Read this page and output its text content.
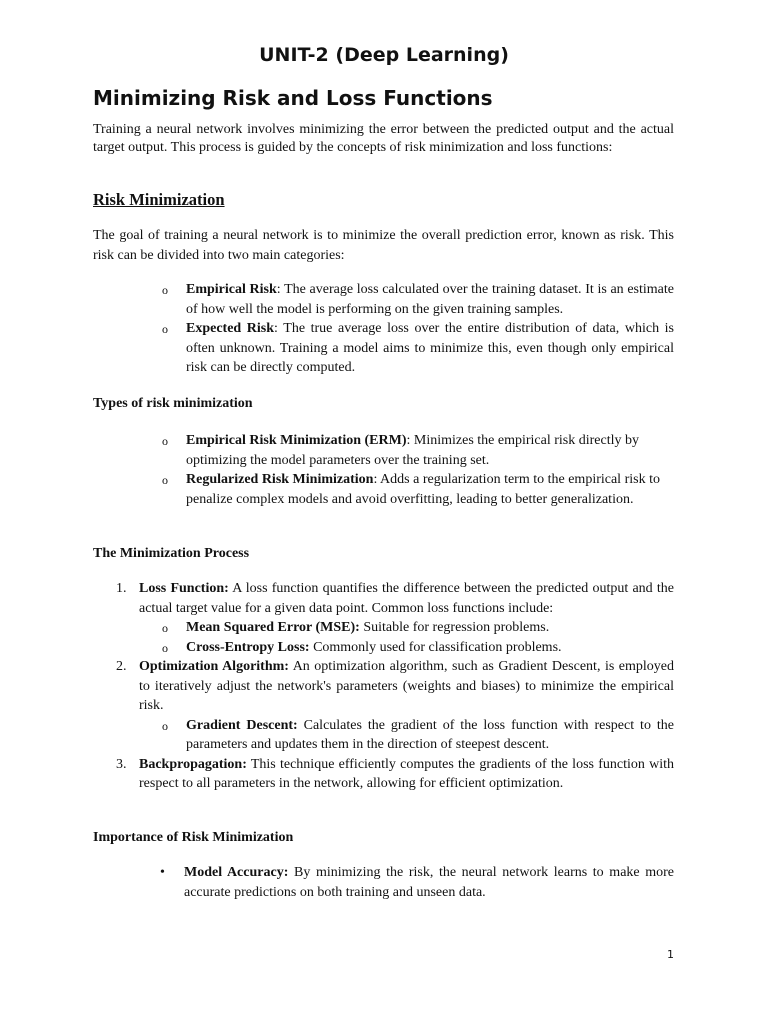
UNIT-2 (Deep Learning)
Minimizing Risk and Loss Functions

Training a neural network involves minimizing the error between the predicted output and the actual target output. This process is guided by the concepts of risk minimization and loss functions:

Risk Minimization

The goal of training a neural network is to minimize the overall prediction error, known as risk. This risk can be divided into two main categories:

o Empirical Risk: The average loss calculated over the training dataset. It is an estimate of how well the model is performing on the given training samples.
o Expected Risk: The true average loss over the entire distribution of data, which is often unknown. Training a model aims to minimize this, even though only empirical risk can be directly computed.
Types of risk minimization
o Empirical Risk Minimization (ERM): Minimizes the empirical risk directly by optimizing the model parameters over the training set.
o Regularized Risk Minimization: Adds a regularization term to the empirical risk to penalize complex models and avoid overfitting, leading to better generalization.
The Minimization Process
1. Loss Function: A loss function quantifies the difference between the predicted output and the actual target value for a given data point. Common loss functions include:
o Mean Squared Error (MSE): Suitable for regression problems.
o Cross-Entropy Loss: Commonly used for classification problems.
2. Optimization Algorithm: An optimization algorithm, such as Gradient Descent, is employed to iteratively adjust the network's parameters (weights and biases) to minimize the empirical risk.
o Gradient Descent: Calculates the gradient of the loss function with respect to the parameters and updates them in the direction of steepest descent.
3. Backpropagation: This technique efficiently computes the gradients of the loss function with respect to all parameters in the network, allowing for efficient optimization.
Importance of Risk Minimization
• Model Accuracy: By minimizing the risk, the neural network learns to make more accurate predictions on both training and unseen data.
1
